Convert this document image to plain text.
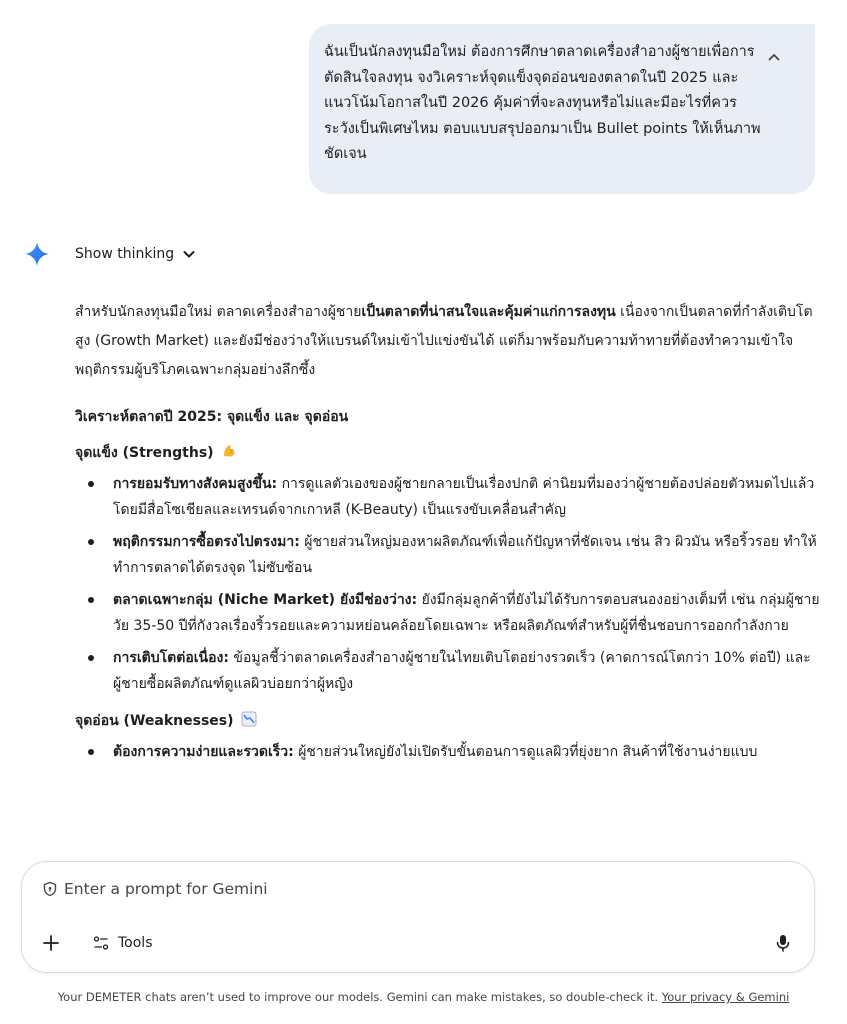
ฉันเป็นนักลงทุนมือใหม่ ต้องการศึกษาตลาดเครื่องสำอางผู้ชายเพื่อการตัดสินใจลงทุน จงวิเคราะห์จุดแข็งจุดอ่อนของตลาดในปี 2025 และแนวโน้มโอกาสในปี 2026 คุ้มค่าที่จะลงทุนหรือไม่และมีอะไรที่ควรระวังเป็นพิเศษไหม ตอบแบบสรุปออกมาเป็น Bullet points ให้เห็นภาพชัดเจน
Show thinking

สำหรับนักลงทุนมือใหม่ ตลาดเครื่องสำอางผู้ชายเป็นตลาดที่น่าสนใจและคุ้มค่าแก่การลงทุน เนื่องจากเป็นตลาดที่กำลังเติบโตสูง (Growth Market) และยังมีช่องว่างให้แบรนด์ใหม่เข้าไปแข่งขันได้ แต่ก็มาพร้อมกับความท้าทายที่ต้องทำความเข้าใจพฤติกรรมผู้บริโภคเฉพาะกลุ่มอย่างลึกซึ้ง

วิเคราะห์ตลาดปี 2025: จุดแข็ง และ จุดอ่อน
จุดแข็ง (Strengths)
การยอมรับทางสังคมสูงขึ้น: การดูแลตัวเองของผู้ชายกลายเป็นเรื่องปกติ ค่านิยมที่มองว่าผู้ชายต้องปล่อยตัวหมดไปแล้ว โดยมีสื่อโซเชียลและเทรนด์จากเกาหลี (K-Beauty) เป็นแรงขับเคลื่อนสำคัญ
พฤติกรรมการซื้อตรงไปตรงมา: ผู้ชายส่วนใหญ่มองหาผลิตภัณฑ์เพื่อแก้ปัญหาที่ชัดเจน เช่น สิว ผิวมัน หรือริ้วรอย ทำให้ทำการตลาดได้ตรงจุด ไม่ซับซ้อน
ตลาดเฉพาะกลุ่ม (Niche Market) ยังมีช่องว่าง: ยังมีกลุ่มลูกค้าที่ยังไม่ได้รับการตอบสนองอย่างเต็มที่ เช่น กลุ่มผู้ชายวัย 35-50 ปีที่กังวลเรื่องริ้วรอยและความหย่อนคล้อยโดยเฉพาะ หรือผลิตภัณฑ์สำหรับผู้ที่ชื่นชอบการออกกำลังกาย
การเติบโตต่อเนื่อง: ข้อมูลชี้ว่าตลาดเครื่องสำอางผู้ชายในไทยเติบโตอย่างรวดเร็ว (คาดการณ์โตกว่า 10% ต่อปี) และผู้ชายซื้อผลิตภัณฑ์ดูแลผิวบ่อยกว่าผู้หญิง
จุดอ่อน (Weaknesses)
ต้องการความง่ายและรวดเร็ว: ผู้ชายส่วนใหญ่ยังไม่เปิดรับขั้นตอนการดูแลผิวที่ยุ่งยาก สินค้าที่ใช้งานง่ายแบบ
Enter a prompt for Gemini
Tools
Your DEMETER chats aren’t used to improve our models. Gemini can make mistakes, so double-check it. Your privacy & Gemini
